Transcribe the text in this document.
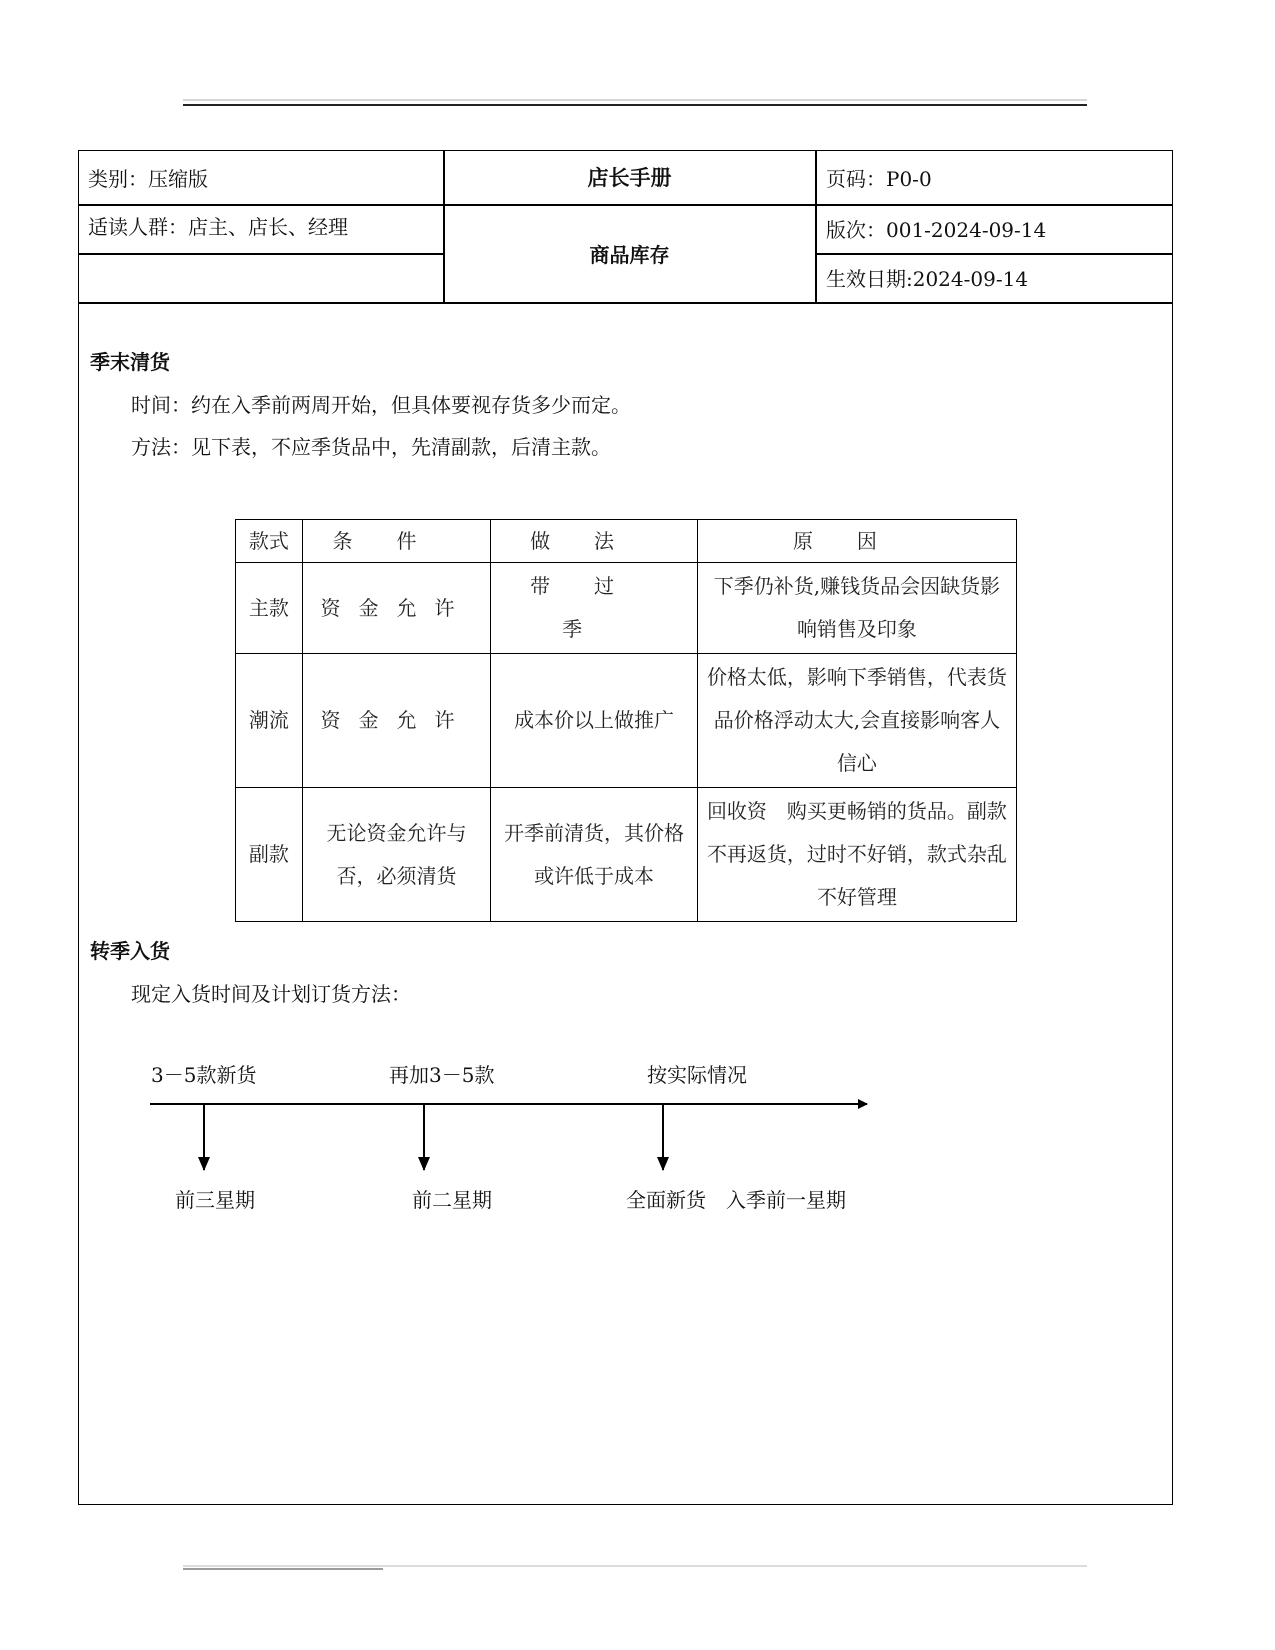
类别：压缩版	店长手册	页码：P0-0
适读人群：店主、店长、经理
商品库存
版次：001-2024-09-14
生效日期:2024-09-14
季末清货
时间：约在入季前两周开始，但具体要视存货多少而定。
方法：见下表，不应季货品中，先清副款，后清主款。
款式	条件	做法	原因
主款	资金允许	带过季	下季仍补货,赚钱货品会因缺货影响销售及印象
潮流	资金允许	成本价以上做推广	价格太低，影响下季销售，代表货品价格浮动太大,会直接影响客人信心
副款	无论资金允许与否，必须清货	开季前清货，其价格或许低于成本	回收资　购买更畅销的货品。副款不再返货，过时不好销，款式杂乱不好管理
转季入货
现定入货时间及计划订货方法：
3－5款新货	再加3－5款	按实际情况
前三星期	前二星期	全面新货　入季前一星期
